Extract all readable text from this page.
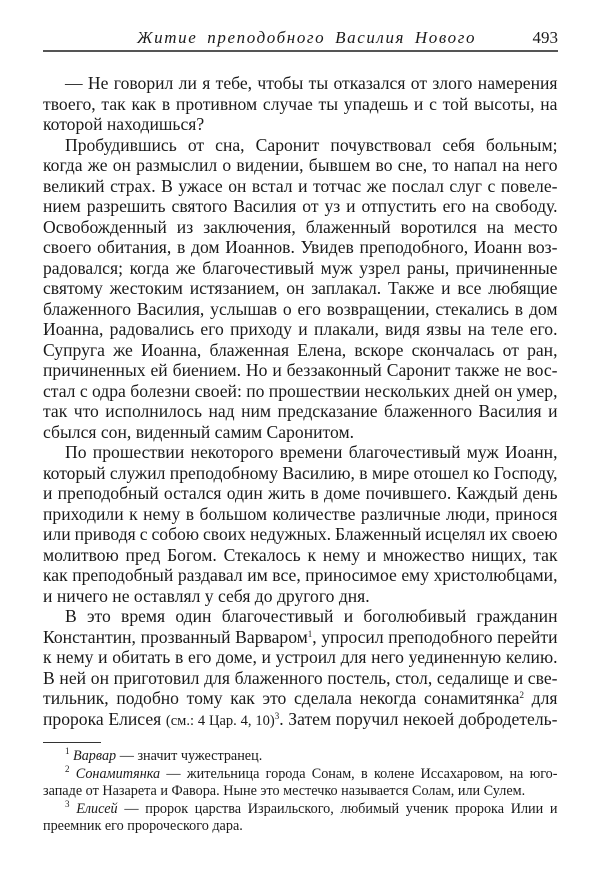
Житие преподобного Василия Нового	493
— Не говорил ли я тебе, чтобы ты отказался от злого намерения
твоего, так как в противном случае ты упадешь и с той высоты, на
которой находишься?
Пробудившись от сна, Саронит почувствовал себя больным;
когда же он размыслил о видении, бывшем во сне, то напал на него
великий страх. В ужасе он встал и тотчас же послал слуг с повеле-
нием разрешить святого Василия от уз и отпустить его на свободу.
Освобожденный из заключения, блаженный воротился на место
своего обитания, в дом Иоаннов. Увидев преподобного, Иоанн воз-
радовался; когда же благочестивый муж узрел раны, причиненные
святому жестоким истязанием, он заплакал. Также и все любящие
блаженного Василия, услышав о его возвращении, стекались в дом
Иоанна, радовались его приходу и плакали, видя язвы на теле его.
Супруга же Иоанна, блаженная Елена, вскоре скончалась от ран,
причиненных ей биением. Но и беззаконный Саронит также не вос-
стал с одра болезни своей: по прошествии нескольких дней он умер,
так что исполнилось над ним предсказание блаженного Василия и
сбылся сон, виденный самим Саронитом.
По прошествии некоторого времени благочестивый муж Иоанн,
который служил преподобному Василию, в мире отошел ко Господу,
и преподобный остался один жить в доме почившего. Каждый день
приходили к нему в большом количестве различные люди, принося
или приводя с собою своих недужных. Блаженный исцелял их своею
молитвою пред Богом. Стекалось к нему и множество нищих, так
как преподобный раздавал им все, приносимое ему христолюбцами,
и ничего не оставлял у себя до другого дня.
В это время один благочестивый и боголюбивый гражданин
Константин, прозванный Варваром$^1$, упросил преподобного перейти
к нему и обитать в его доме, и устроил для него уединенную келию.
В ней он приготовил для блаженного постель, стол, седалище и све-
тильник, подобно тому как это сделала некогда сонамитянка$^2$ для
пророка Елисея (см.: 4 Цар. 4, 10)$^3$. Затем поручил некоей добродетель-
$^1$ Варвар — значит чужестранец.
$^2$ Сонамитянка — жительница города Сонам, в колене Иссахаровом, на юго-
западе от Назарета и Фавора. Ныне это местечко называется Солам, или Сулем.
$^3$ Елисей — пророк царства Израильского, любимый ученик пророка Илии и
преемник его пророческого дара.
